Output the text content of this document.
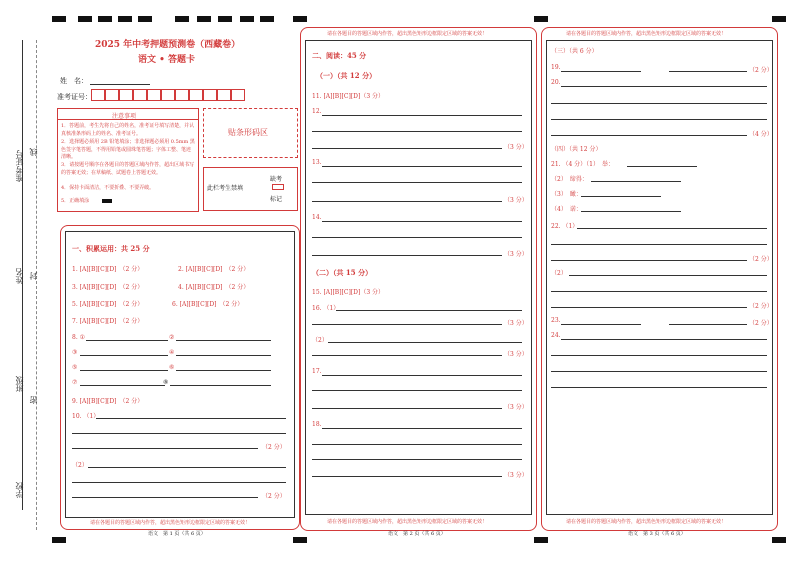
准考证号 线
姓名 封
班级
密
学校
2025 年中考押题预测卷（西藏卷）
语文 • 答题卡
姓　名：
准考证号：
注意事项
1．答题前，考生先将自己的姓名，准考证号填写清楚，并认真核准条形码上的姓名、准考证号。
2．选择题必须用 2B 铅笔填涂；非选择题必须用 0.5mm 黑色签字笔答题，不得用铅笔或圆珠笔答题；字体工整、笔迹清晰。
3．请按题号顺序在各题目的答题区域内作答，超出区域书写的答案无效；在草稿纸、试题卷上答题无效。
4．保持卡面清洁，不要折叠、不要弄破。
5．正确填涂
贴条形码区
此栏考生禁填
缺考
标记
一、积累运用：共 25 分
1. [A][B][C][D]　（2 分）	2. [A][B][C][D]　（2 分）
3. [A][B][C][D]　（2 分）	4. [A][B][C][D]　（2 分）
5. [A][B][C][D]　（2 分）	6. [A][B][C][D]　（2 分）
7. [A][B][C][D]　（2 分）
8. ①	②
③	④
⑤	⑥
⑦	⑧
9. [A][B][C][D]　（2 分）
10. （1）
（2 分）
（2）
（2 分）
请在各题目的答题区域内作答，超出黑色矩形边框限定区域的答案无效！
语文　第 1 页（共 6 页）
请在各题目的答题区域内作答，超出黑色矩形边框限定区域的答案无效！
二、阅读：45 分
（一）（共 12 分）
11. [A][B][C][D]（3 分）
12.
（3 分）
13.
（3 分）
14.
（3 分）
（二）（共 15 分）
15. [A][B][C][D]（3 分）
16. （1）
（3 分）
（2）
（3 分）
17.
（3 分）
18.
（3 分）
请在各题目的答题区域内作答，超出黑色矩形边框限定区域的答案无效！
语文　第 2 页（共 6 页）
请在各题目的答题区域内作答，超出黑色矩形边框限定区域的答案无效！
（三）（共 6 分）
19.	（2 分）
20.
（4 分）
（四）（共 12 分）
21. （4 分）（1）　举：
（2）　缔得：
（3）　瞰：
（4）　诺：
22. （1）
（2 分）
（2）
（2 分）
23.	（2 分）
24.
请在各题目的答题区域内作答，超出黑色矩形边框限定区域的答案无效！
语文　第 3 页（共 6 页）
